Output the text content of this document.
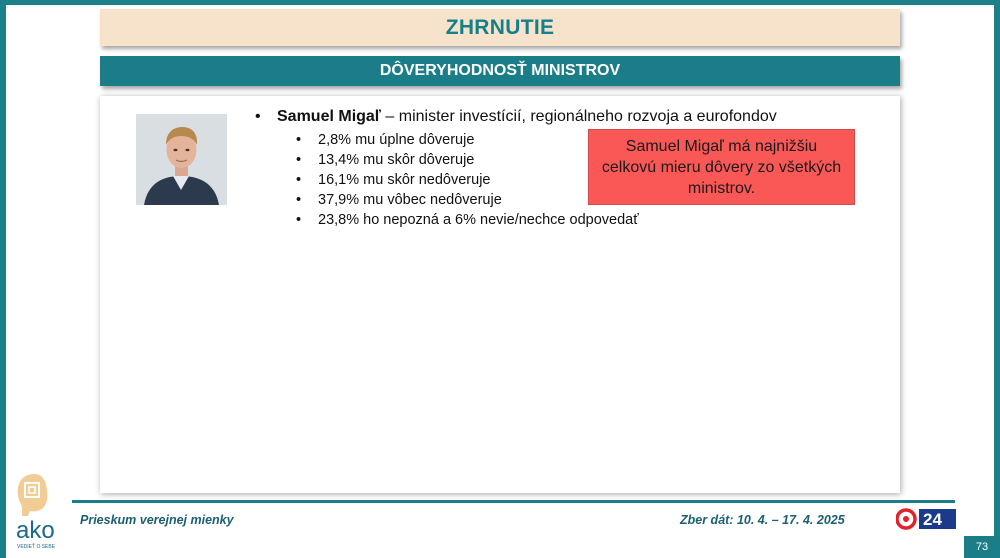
ZHRNUTIE
DÔVERYHODNOSŤ MINISTROV
• Samuel Migaľ – minister investícií, regionálneho rozvoja a eurofondov
• 2,8% mu úplne dôveruje
• 13,4% mu skôr dôveruje
• 16,1% mu skôr nedôveruje
• 37,9% mu vôbec nedôveruje
• 23,8% ho nepozná a 6% nevie/nechce odpovedať
Samuel Migaľ má najnižšiu celkovú mieru dôvery zo všetkých ministrov.
ako
VEDIEŤ O SEBE
Prieskum verejnej mienky	Zber dát: 10. 4. – 17. 4. 2025	24
73
